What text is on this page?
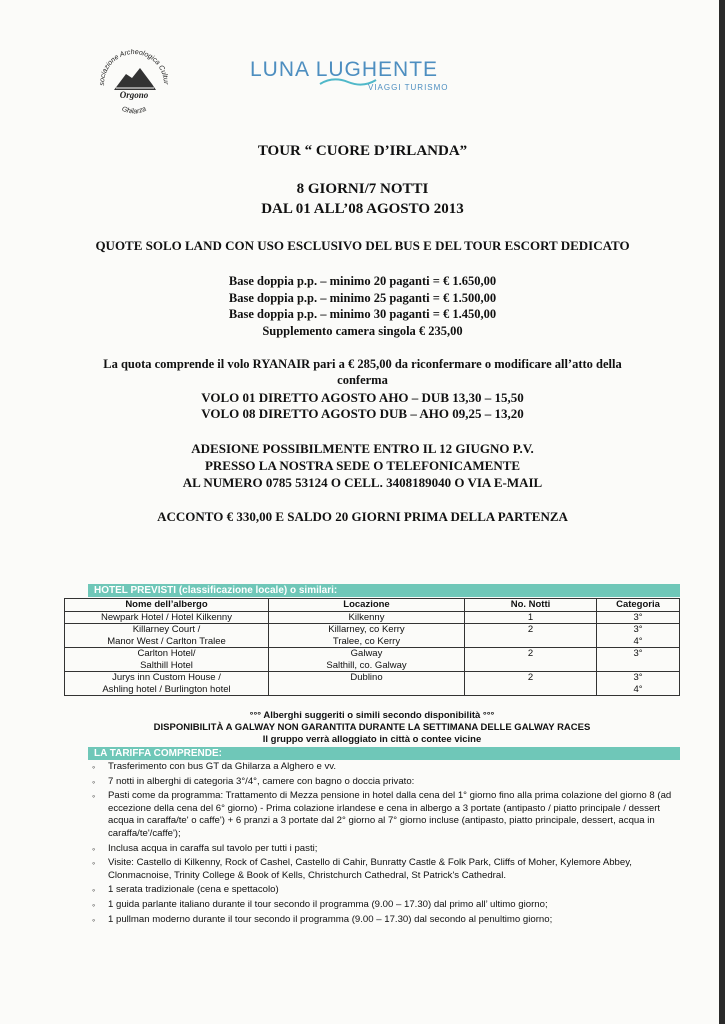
sociazione Archeologica Cultur
Orgono
Ghilarza
LUNA LUGHENTE
VIAGGI TURISMO
TOUR “ CUORE D’IRLANDA”
8 GIORNI/7 NOTTI
DAL 01 ALL’08 AGOSTO 2013
QUOTE SOLO LAND CON USO ESCLUSIVO DEL BUS E DEL TOUR ESCORT DEDICATO
Base doppia p.p. – minimo 20 paganti = € 1.650,00
Base doppia p.p. – minimo 25 paganti = € 1.500,00
Base doppia p.p. – minimo 30 paganti = € 1.450,00
Supplemento camera singola € 235,00
La quota comprende il volo RYANAIR pari a € 285,00 da riconfermare o modificare all’atto della
conferma
VOLO 01 DIRETTO AGOSTO AHO – DUB 13,30 – 15,50
VOLO 08 DIRETTO AGOSTO DUB – AHO 09,25 – 13,20
ADESIONE POSSIBILMENTE ENTRO IL 12 GIUGNO P.V.
PRESSO LA NOSTRA SEDE O TELEFONICAMENTE
AL NUMERO 0785 53124 O CELL. 3408189040 O VIA E-MAIL
ACCONTO € 330,00 E SALDO 20 GIORNI PRIMA DELLA PARTENZA
HOTEL PREVISTI (classificazione locale) o similari:
Nome dell’albergo	Locazione	No. Notti	Categoria

Newpark Hotel / Hotel Kilkenny	Kilkenny	1	3°

Killarney Court /
Manor West / Carlton Tralee	Killarney, co Kerry
Tralee, co Kerry	2	3°
4°

Carlton Hotel/
Salthill Hotel	Galway
Salthill, co. Galway	2	3°

Jurys inn Custom House /
Ashling hotel / Burlington hotel	Dublino	2	3°
4°
°°° Alberghi suggeriti o simili secondo disponibilità °°°
DISPONIBILITÀ A GALWAY NON GARANTITA DURANTE LA SETTIMANA DELLE GALWAY RACES
Il gruppo verrà alloggiato in città o contee vicine
LA TARIFFA COMPRENDE:
◦ Trasferimento con bus GT da Ghilarza a Alghero e vv.
◦ 7 notti in alberghi di categoria 3°/4°, camere con bagno o doccia privato:
◦ Pasti come da programma: Trattamento di Mezza pensione in hotel dalla cena del 1° giorno fino alla prima colazione del giorno 8 (ad eccezione della cena del 6° giorno) - Prima colazione irlandese e cena in albergo a 3 portate (antipasto / piatto principale / dessert acqua in caraffa/te' o caffe') + 6 pranzi a 3 portate dal 2° giorno al 7° giorno incluse (antipasto, piatto principale, dessert, acqua in caraffa/te'/caffe');
◦ Inclusa acqua in caraffa sul tavolo per tutti i pasti;
◦ Visite: Castello di Kilkenny, Rock of Cashel, Castello di Cahir, Bunratty Castle & Folk Park, Cliffs of Moher, Kylemore Abbey, Clonmacnoise, Trinity College & Book of Kells, Christchurch Cathedral, St Patrick's Cathedral.
◦ 1 serata tradizionale (cena e spettacolo)
◦ 1 guida parlante italiano durante il tour secondo il programma (9.00 – 17.30) dal primo all’ ultimo giorno;
◦ 1 pullman moderno durante il tour secondo il programma (9.00 – 17.30) dal secondo al penultimo giorno;
